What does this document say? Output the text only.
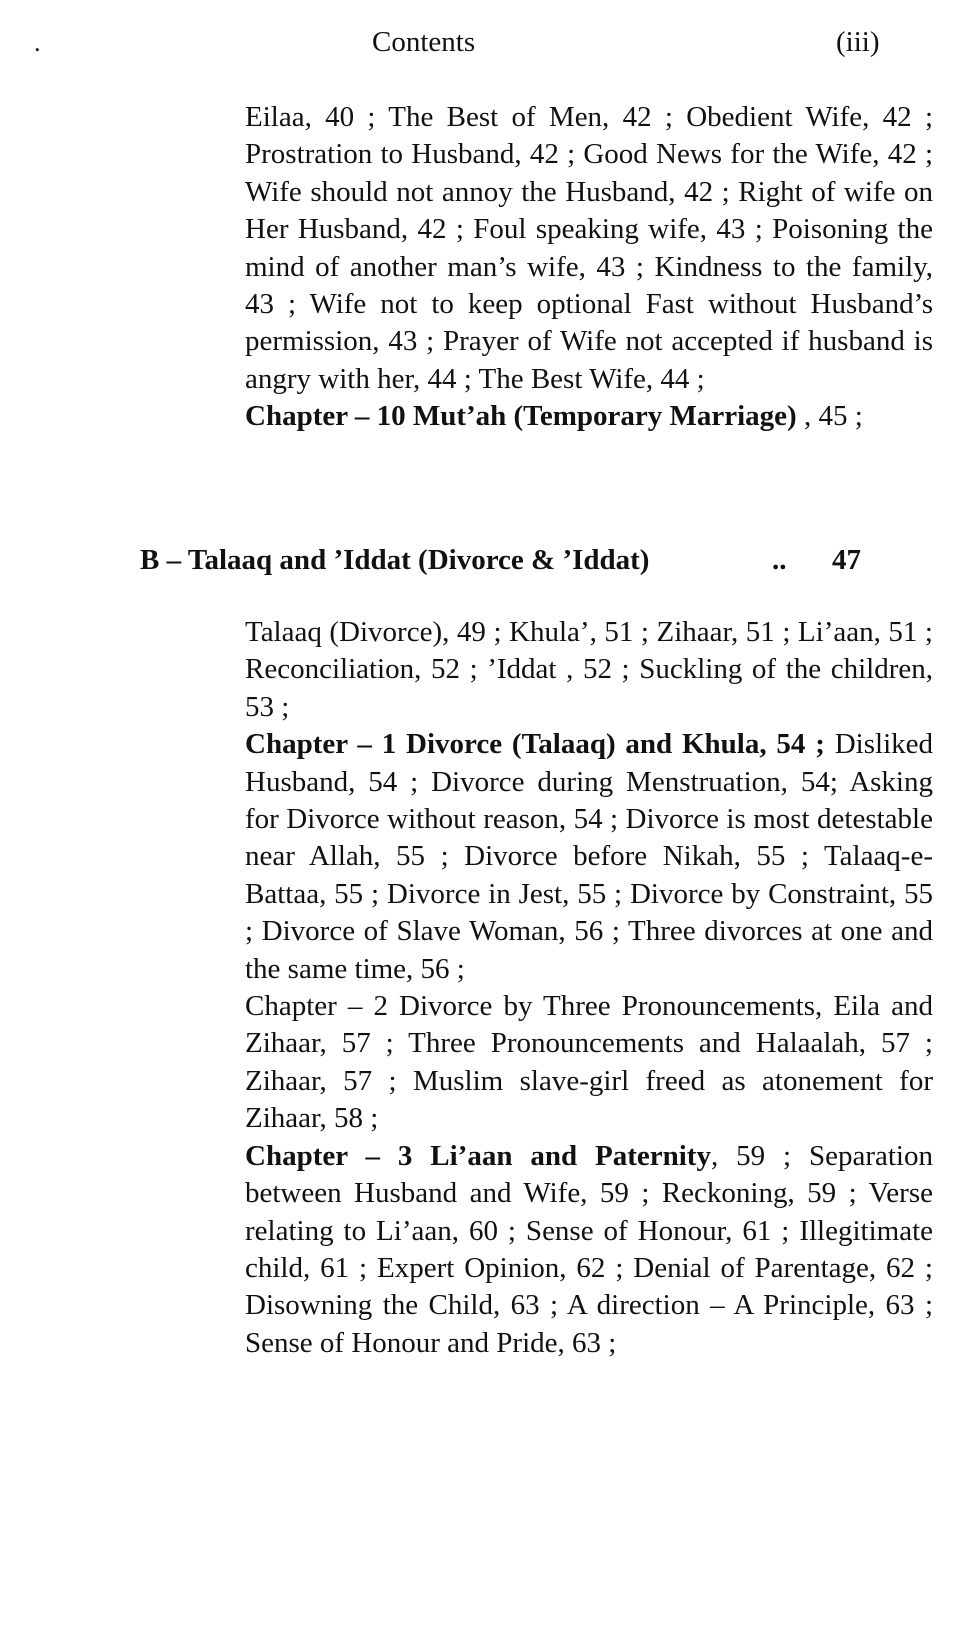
.	Contents	(iii)

Eilaa, 40 ; The Best of Men, 42 ; Obedient Wife, 42 ; Prostration to Husband, 42 ; Good News for the Wife, 42 ; Wife should not annoy the Husband, 42 ; Right of wife on Her Husband, 42 ; Foul speaking wife, 43 ; Poisoning the mind of another man’s wife, 43 ; Kindness to the family, 43 ; Wife not to keep optional Fast without Husband’s permission, 43 ; Prayer of Wife not accepted if husband is angry with her, 44 ; The Best Wife, 44 ;

Chapter – 10 Mut’ah (Temporary Marriage) , 45 ;

B – Talaaq and ’Iddat (Divorce & ’Iddat)	.. 47

Talaaq (Divorce), 49 ; Khula’, 51 ; Zihaar, 51 ; Li’aan, 51 ; Reconciliation, 52 ; ’Iddat , 52 ; Suckling of the children, 53 ;

Chapter – 1 Divorce (Talaaq) and Khula, 54 ; Disliked Husband, 54 ; Divorce during Menstruation, 54; Asking for Divorce without reason, 54 ; Divorce is most detestable near Allah, 55 ; Divorce before Nikah, 55 ; Talaaq-e-Battaa, 55 ; Divorce in Jest, 55 ; Divorce by Constraint, 55 ; Divorce of Slave Woman, 56 ; Three divorces at one and the same time, 56 ;

Chapter – 2 Divorce by Three Pronouncements, Eila and Zihaar, 57 ; Three Pronouncements and Halaalah, 57 ; Zihaar, 57 ; Muslim slave-girl freed as atonement for Zihaar, 58 ;

Chapter – 3 Li’aan and Paternity, 59 ; Separation between Husband and Wife, 59 ; Reckoning, 59 ; Verse relating to Li’aan, 60 ; Sense of Honour, 61 ; Illegitimate child, 61 ; Expert Opinion, 62 ; Denial of Parentage, 62 ; Disowning the Child, 63 ; A direction – A Principle, 63 ; Sense of Honour and Pride, 63 ;
